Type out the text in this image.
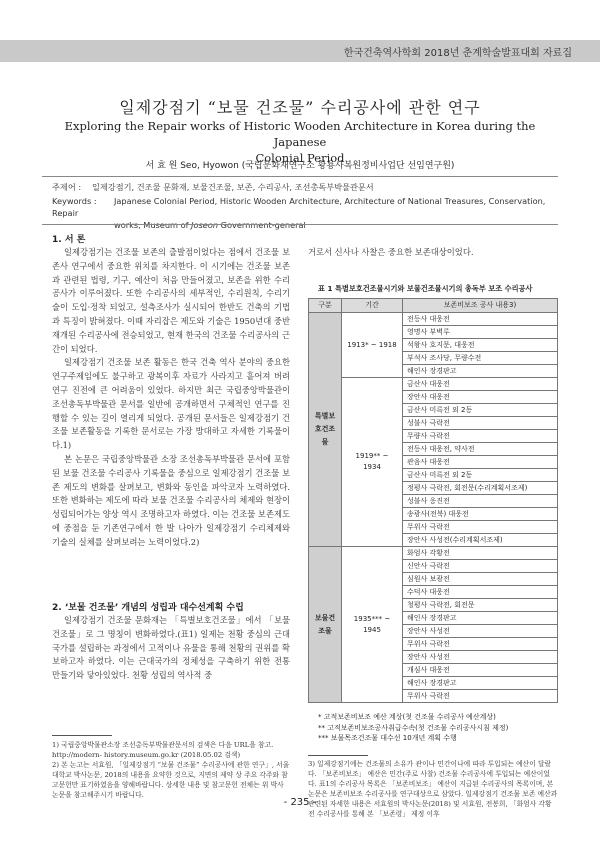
한국건축역사학회 2018년 춘계학술발표대회 자료집
일제강점기 “보물 건조물” 수리공사에 관한 연구
Exploring the Repair works of Historic Wooden Architecture in Korea during the Japanese
Colonial Period
서 효 원 Seo, Hyowon (국립문화재연구소 황룡사복원정비사업단 선임연구원)
주제어 : 일제강점기, 건조물 문화재, 보물건조물, 보존, 수리공사, 조선총독부박물관문서
Keywords : Japanese Colonial Period, Historic Wooden Architecture, Architecture of National Treasures, Conservation, Repair
works, Museum of Joseon Government-general
1. 서 론

일제강점기는 건조물 보존의 출발점이었다는 점에서 건조물 보존사 연구에서 중요한 위치를 차지한다. 이 시기에는 건조물 보존과 관련된 법령, 기구, 예산이 처음 만들어졌고, 보존을 위한 수리공사가 이루어졌다. 또한 수리공사의 세부적인, 수리원칙, 수리기술이 도입·정착 되었고, 설측조사가 실시되어 한반도 건축의 기법과 특징이 밝혀졌다. 이때 자리잡은 제도와 기술은 1950년대 중반 재개된 수리공사에 전승되었고, 현재 한국의 건조물 수리공사의 근간이 되었다.

일제강점기 건조물 보존 활동은 한국 건축 역사 분야의 중요한 연구주제임에도 불구하고 광복이후 자료가 사라지고 흩어져 버려 연구 진전에 큰 어려움이 있었다. 하지만 최근 국립중앙박물관이 조선총독부박물관 문서를 일반에 공개하면서 구체적인 연구를 진행할 수 있는 길이 열리게 되었다. 공개된 문서들은 일제강점기 건조물 보존활동을 기록한 문서로는 가장 방대하고 자세한 기록물이다.1)

본 논문은 국립중앙박물관 소장 조선총독부박물관 문서에 포함된 보물 건조물 수리공사 기록물을 중심으로 일제강점기 건조물 보존 제도의 변화를 살펴보고, 변화와 동인을 파악코자 노력하였다. 또한 변화하는 제도에 따라 보물 건조물 수리공사의 체제와 현장이 성립되어가는 양상 역시 조명하고자 하였다. 이는 건조물 보존제도에 중점을 둔 기존연구에서 한 발 나아가 일제강점기 수리체제와 기술의 실체를 살펴보려는 노력이었다.2)

2. ‘보물 건조물’ 개념의 성립과 대수선계획 수립

일제강점기 건조물 문화재는 「특별보호건조물」에서 「보물건조물」로 그 명칭이 변화하였다.(표1) 일제는 천황 중심의 근대국가를 설립하는 과정에서 고적이나 유물을 통해 천황의 권위를 확보하고자 하였다. 이는 근대국가의 정체성을 구축하기 위한 전통 만들기와 닿아있었다. 천황 성립의 역사적 중

1) 국립중앙박물관소장 조선총독부박물관문서의 검색은 다음 URL을 참고. http://modern- history.museum.go.kr (2018.05.02 검색)

2) 본 논고는 서효원, 「일제강점기 “보물 건조물” 수리공사에 관한 연구」, 서울대학교 박사논문, 2018의 내용을 요약한 것으로, 지면의 제약 상 주요 각주와 참고문헌만 표기하였음을 양해바랍니다. 상세한 내용 및 참고문헌 전체는 위 박사논문을 참고해주시기 바랍니다.

거로서 신사나 사찰은 중요한 보존대상이었다.
표 1 특별보호건조물시기와 보물건조물시기의 총독부 보조 수리공사
구분	기간	보존비보조 공사 내용3)
특별보호건조물	1913* ~ 1918	전등사 대웅전
		영명사 부벽루
		석왕사 호지문, 대웅전
		부석사 조사당, 무량수전
		해인사 장경판고
	1919** ~ 1934	금산사 대웅전
		장안사 대웅전
		금산사 미륵전 외 2동
		성불사 극락전
		무량사 극락전
		전등사 대웅전, 약사전
		관음사 대웅전
		금산사 미륵전 외 2동
		정평사 극락전, 회전문(수리계획서조제)
		성불사 응진전
		송광사(전북) 대웅전
		무위사 극락전
		장안사 사성전(수리계획서조제)
보물건조물	1935*** ~ 1945	화엄사 각황전
		신안사 극락전
		심원사 보광전
		수덕사 대웅전
		청평사 극락전, 회전문
		해인사 장경판고
		장안사 사성전
		무위사 극락전
		장안사 사성전
		개심사 대웅전
		해인사 장경판고
		무위사 극락전

* 고적보존비보조 예산 계상(첫 건조물 수리공사 예산계상)

** 고적보존비보조공사취급수속(첫 건조물 수리공사시침 제정)

*** 보물목조건조물 대수선 10개년 계획 수행

3) 일제강점기에는 건조물의 소유가 관이나 민간이나에 따라 투입되는 예산이 달랐다. 「보존비보조」 예산은 민간(주로 사찰) 건조물 수리공사에 투입되는 예산이었다. 표1의 수리공사 목록은 「보존비보조」 예산이 지급된 수리공사의 목록이며, 본 논문은 보존비보조 수리공사를 연구대상으로 삼았다. 일제강점기 건조물 보존 예산과 관련된 자세한 내용은 서효원의 박사논문(2018) 및 서효원, 전봉희, 「화엄사 각황전 수리공사를 통해 본 「보존령」 제정 이후

- 235 -
